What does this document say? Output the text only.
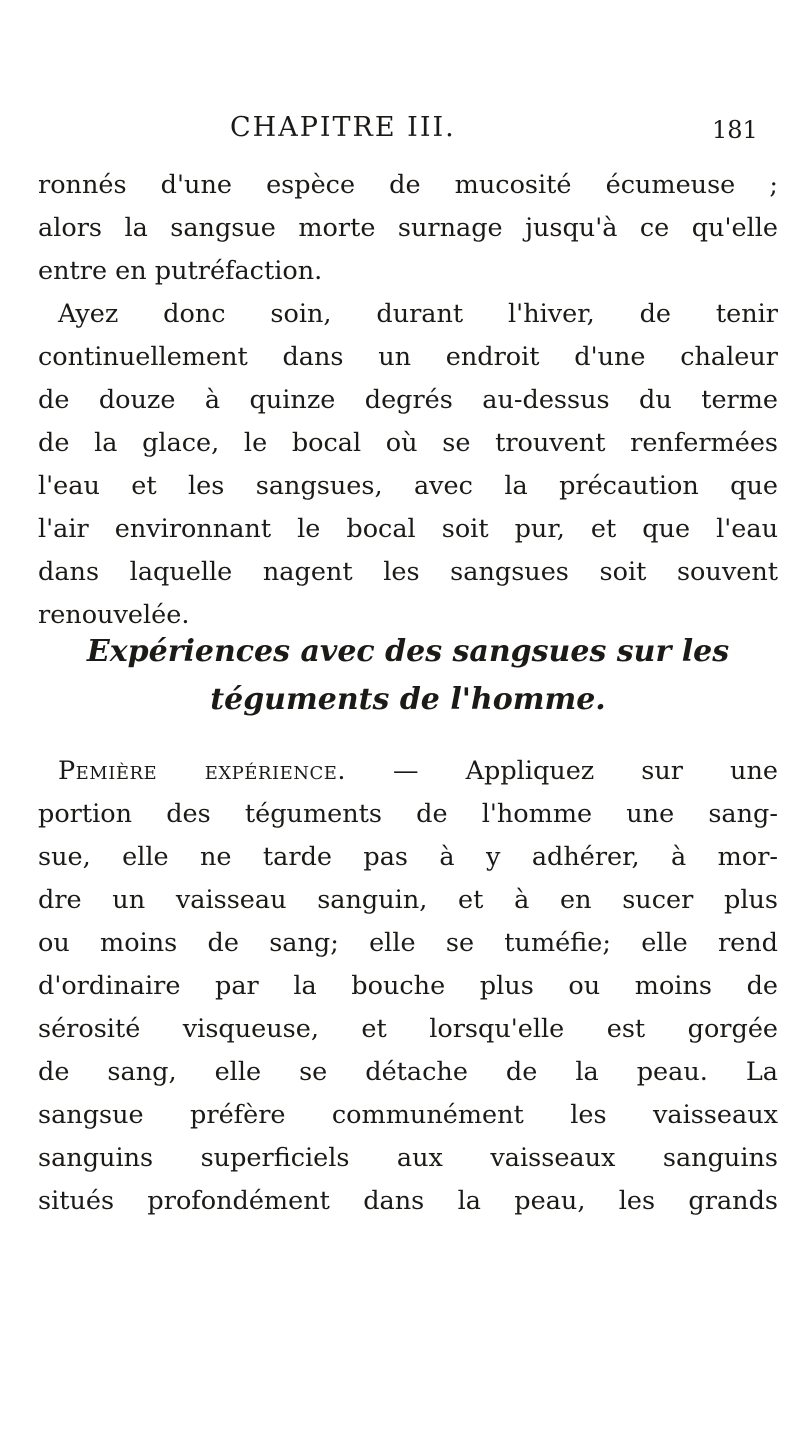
CHAPITRE III.	181
ronnés d'une espèce de mucosité écumeuse ;
alors la sangsue morte surnage jusqu'à ce qu'elle
entre en putréfaction.
Ayez donc soin, durant l'hiver, de tenir
continuellement dans un endroit d'une chaleur
de douze à quinze degrés au-dessus du terme
de la glace, le bocal où se trouvent renfermées
l'eau et les sangsues, avec la précaution que
l'air environnant le bocal soit pur, et que l'eau
dans laquelle nagent les sangsues soit souvent
renouvelée.
Expériences avec des sangsues sur les
téguments de l'homme.
Pemière expérience. — Appliquez sur une
portion des téguments de l'homme une sang-
sue, elle ne tarde pas à y adhérer, à mor-
dre un vaisseau sanguin, et à en sucer plus
ou moins de sang; elle se tuméfie; elle rend
d'ordinaire par la bouche plus ou moins de
sérosité visqueuse, et lorsqu'elle est gorgée
de sang, elle se détache de la peau. La
sangsue préfère communément les vaisseaux
sanguins superficiels aux vaisseaux sanguins
situés profondément dans la peau, les grands
